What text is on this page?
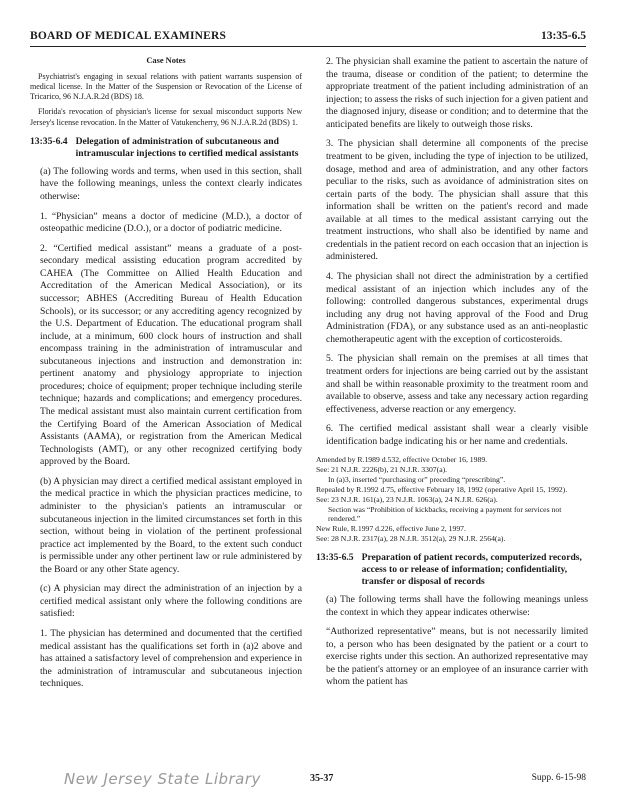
BOARD OF MEDICAL EXAMINERS	13:35-6.5
Case Notes

Psychiatrist's engaging in sexual relations with patient warrants suspension of medical license. In the Matter of the Suspension or Revocation of the License of Tricarico, 96 N.J.A.R.2d (BDS) 18.

Florida's revocation of physician's license for sexual misconduct supports New Jersey's license revocation. In the Matter of Vatukencherry, 96 N.J.A.R.2d (BDS) 1.

13:35-6.4 Delegation of administration of subcutaneous and intramuscular injections to certified medical assistants

(a) The following words and terms, when used in this section, shall have the following meanings, unless the context clearly indicates otherwise:

1. “Physician” means a doctor of medicine (M.D.), a doctor of osteopathic medicine (D.O.), or a doctor of podiatric medicine.

2. “Certified medical assistant” means a graduate of a post-secondary medical assisting education program accredited by CAHEA (The Committee on Allied Health Education and Accreditation of the American Medical Association), or its successor; ABHES (Accrediting Bureau of Health Education Schools), or its successor; or any accrediting agency recognized by the U.S. Department of Education. The educational program shall include, at a minimum, 600 clock hours of instruction and shall encompass training in the administration of intramuscular and subcutaneous injections and instruction and demonstration in: pertinent anatomy and physiology appropriate to injection procedures; choice of equipment; proper technique including sterile technique; hazards and complications; and emergency procedures. The medical assistant must also maintain current certification from the Certifying Board of the American Association of Medical Assistants (AAMA), or registration from the American Medical Technologists (AMT), or any other recognized certifying body approved by the Board.

(b) A physician may direct a certified medical assistant employed in the medical practice in which the physician practices medicine, to administer to the physician's patients an intramuscular or subcutaneous injection in the limited circumstances set forth in this section, without being in violation of the pertinent professional practice act implemented by the Board, to the extent such conduct is permissible under any other pertinent law or rule administered by the Board or any other State agency.

(c) A physician may direct the administration of an injection by a certified medical assistant only where the following conditions are satisfied:

1. The physician has determined and documented that the certified medical assistant has the qualifications set forth in (a)2 above and has attained a satisfactory level of comprehension and experience in the administration of intramuscular and subcutaneous injection techniques.

2. The physician shall examine the patient to ascertain the nature of the trauma, disease or condition of the patient; to determine the appropriate treatment of the patient including administration of an injection; to assess the risks of such injection for a given patient and the diagnosed injury, disease or condition; and to determine that the anticipated benefits are likely to outweigh those risks.

3. The physician shall determine all components of the precise treatment to be given, including the type of injection to be utilized, dosage, method and area of administration, and any other factors peculiar to the risks, such as avoidance of administration sites on certain parts of the body. The physician shall assure that this information shall be written on the patient's record and made available at all times to the medical assistant carrying out the treatment instructions, who shall also be identified by name and credentials in the patient record on each occasion that an injection is administered.

4. The physician shall not direct the administration by a certified medical assistant of an injection which includes any of the following: controlled dangerous substances, experimental drugs including any drug not having approval of the Food and Drug Administration (FDA), or any substance used as an anti-neoplastic chemotherapeutic agent with the exception of corticosteroids.

5. The physician shall remain on the premises at all times that treatment orders for injections are being carried out by the assistant and shall be within reasonable proximity to the treatment room and available to observe, assess and take any necessary action regarding effectiveness, adverse reaction or any emergency.

6. The certified medical assistant shall wear a clearly visible identification badge indicating his or her name and credentials.

Amended by R.1989 d.532, effective October 16, 1989.
See: 21 N.J.R. 2226(b), 21 N.J.R. 3307(a).
In (a)3, inserted “purchasing or” preceding “prescribing”.
Repealed by R.1992 d.75, effective February 18, 1992 (operative April 15, 1992).
See: 23 N.J.R. 161(a), 23 N.J.R. 1063(a), 24 N.J.R. 626(a).
Section was “Prohibition of kickbacks, receiving a payment for services not rendered.”
New Rule, R.1997 d.226, effective June 2, 1997.
See: 28 N.J.R. 2317(a), 28 N.J.R. 3512(a), 29 N.J.R. 2564(a).
13:35-6.5 Preparation of patient records, computerized records, access to or release of information; confidentiality, transfer or disposal of records

(a) The following terms shall have the following meanings unless the context in which they appear indicates otherwise:

“Authorized representative” means, but is not necessarily limited to, a person who has been designated by the patient or a court to exercise rights under this section. An authorized representative may be the patient's attorney or an employee of an insurance carrier with whom the patient has

New Jersey State Library	35-37	Supp. 6-15-98
